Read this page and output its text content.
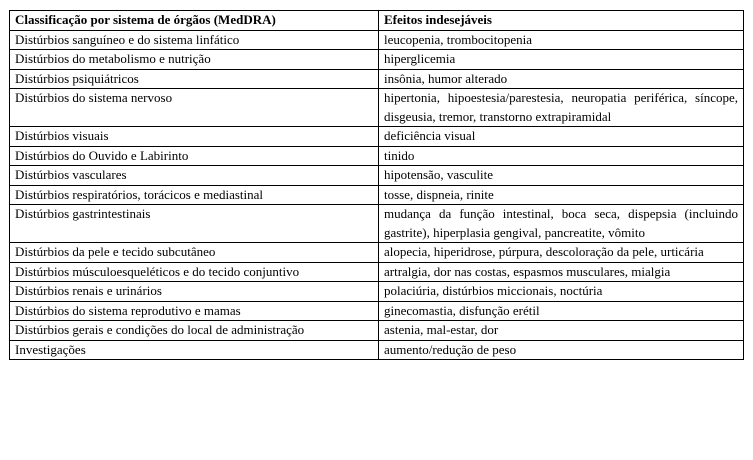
Classificação por sistema de órgãos (MedDRA)	Efeitos indesejáveis
Distúrbios sanguíneo e do sistema linfático	leucopenia, trombocitopenia
Distúrbios do metabolismo e nutrição	hiperglicemia
Distúrbios psiquiátricos	insônia, humor alterado
Distúrbios do sistema nervoso	hipertonia, hipoestesia/parestesia, neuropatia periférica, síncope, disgeusia, tremor, transtorno extrapiramidal
Distúrbios visuais	deficiência visual
Distúrbios do Ouvido e Labirinto	tinido
Distúrbios vasculares	hipotensão, vasculite
Distúrbios respiratórios, torácicos e mediastinal	tosse, dispneia, rinite
Distúrbios gastrintestinais	mudança da função intestinal, boca seca, dispepsia (incluindo gastrite), hiperplasia gengival, pancreatite, vômito
Distúrbios da pele e tecido subcutâneo	alopecia, hiperidrose, púrpura, descoloração da pele, urticária
Distúrbios músculoesqueléticos e do tecido conjuntivo	artralgia, dor nas costas, espasmos musculares, mialgia
Distúrbios renais e urinários	polaciúria, distúrbios miccionais, noctúria
Distúrbios do sistema reprodutivo e mamas	ginecomastia, disfunção erétil
Distúrbios gerais e condições do local de administração	astenia, mal-estar, dor
Investigações	aumento/redução de peso
